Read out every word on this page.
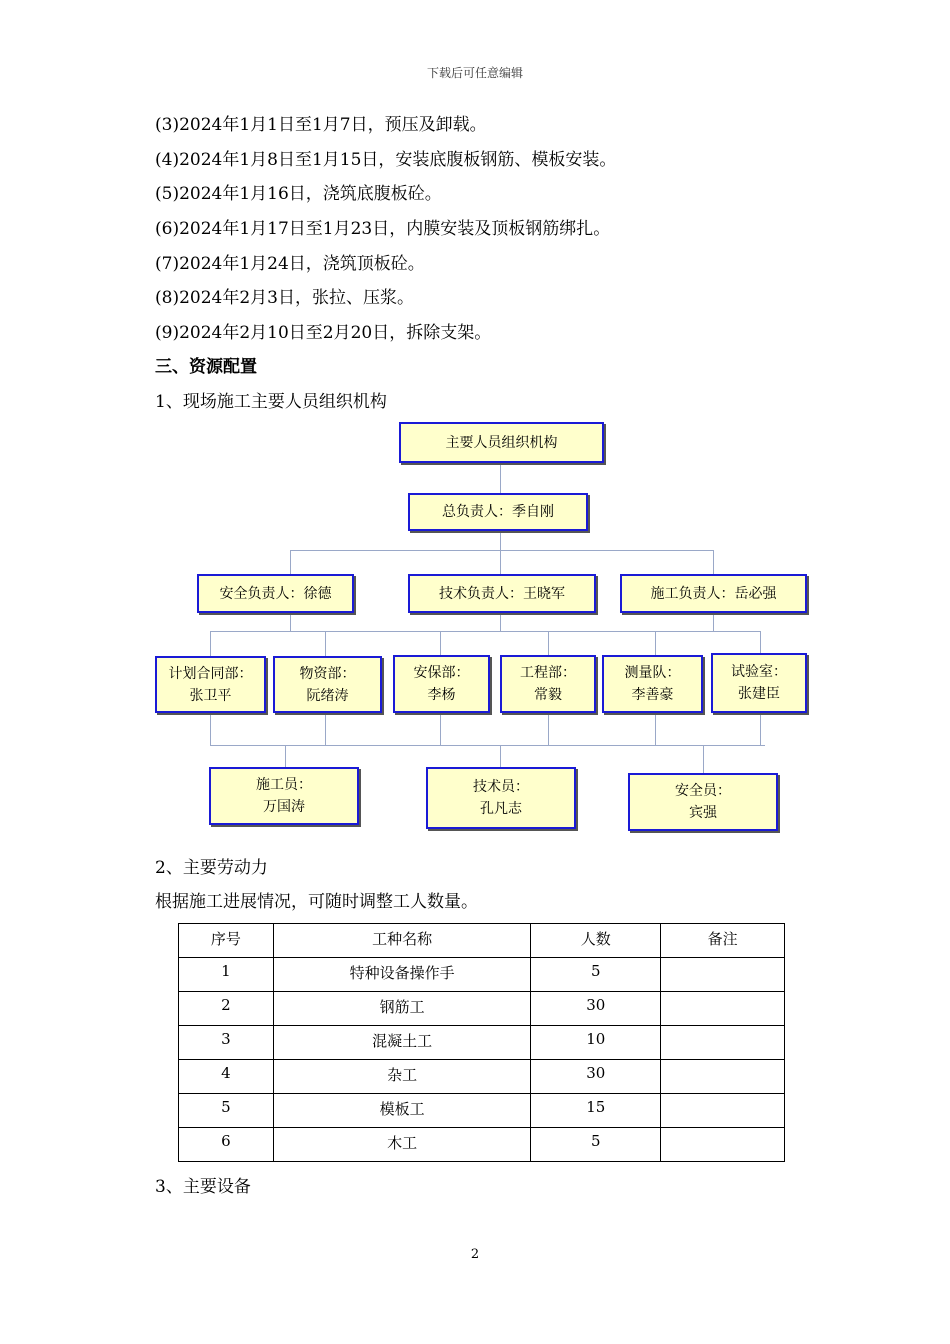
下载后可任意编辑
(3)2024年1月1日至1月7日，预压及卸载。
(4)2024年1月8日至1月15日，安装底腹板钢筋、模板安装。
(5)2024年1月16日，浇筑底腹板砼。
(6)2024年1月17日至1月23日，内膜安装及顶板钢筋绑扎。
(7)2024年1月24日，浇筑顶板砼。
(8)2024年2月3日，张拉、压浆。
(9)2024年2月10日至2月20日，拆除支架。
三、资源配置
1、现场施工主要人员组织机构
主要人员组织机构
总负责人：季自刚
安全负责人：徐德	技术负责人：王晓军	施工负责人：岳必强
计划合同部：
张卫平
物资部：
阮绪涛
安保部：
李杨
工程部：
常毅
测量队：
李善豪
试验室：
张建臣
施工员：
万国涛
技术员：
孔凡志
安全员：
宾强
2、主要劳动力
根据施工进展情况，可随时调整工人数量。
序号	工种名称	人数	备注
1	特种设备操作手	5	
2	钢筋工	30	
3	混凝土工	10	
4	杂工	30	
5	模板工	15	
6	木工	5	
3、主要设备
2
